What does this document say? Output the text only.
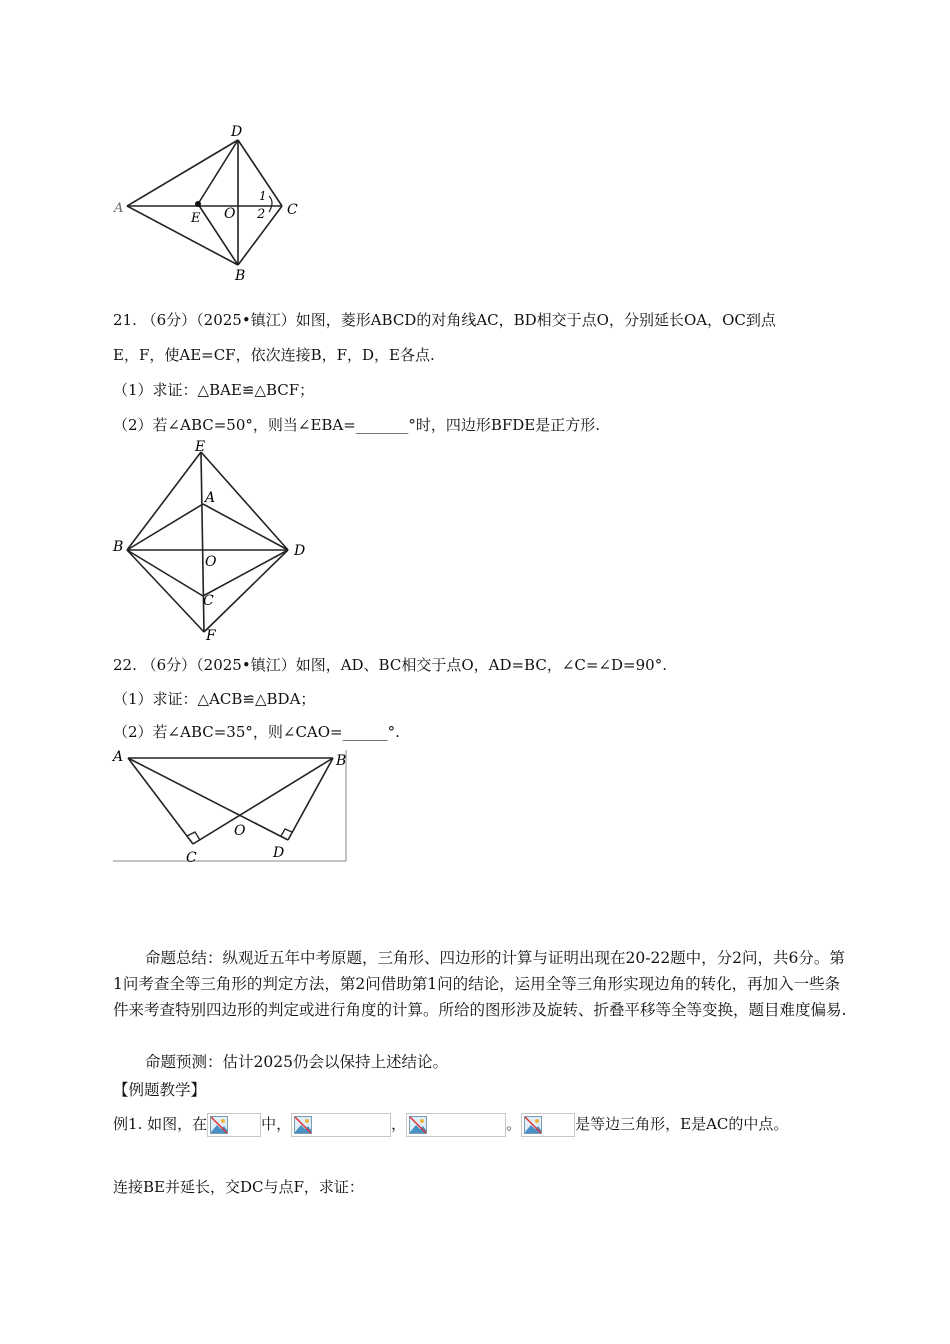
D
A
E O
1
2 C
B
21. （6分）（2025•镇江）如图，菱形ABCD的对角线AC，BD相交于点O，分别延长OA，OC到点
E，F，使AE=CF，依次连接B，F，D，E各点.
（1）求证：△BAE≌△BCF；
（2）若∠ABC=50°，则当∠EBA=_______°时，四边形BFDE是正方形.
E
A
B
O
D
C
F
22. （6分）（2025•镇江）如图，AD、BC相交于点O，AD=BC，∠C=∠D=90°.
（1）求证：△ACB≌△BDA；
（2）若∠ABC=35°，则∠CAO=______°.
A	B
O
C	D
命题总结：纵观近五年中考原题，三角形、四边形的计算与证明出现在20-22题中，分2问，共6分。第1问考查全等三角形的判定方法，第2问借助第1问的结论，运用全等三角形实现边角的转化，再加入一些条件来考查特别四边形的判定或进行角度的计算。所给的图形涉及旋转、折叠平移等全等变换，题目难度偏易.
命题预测：估计2025仍会以保持上述结论。
【例题教学】
例1. 如图，在	中，	，	。	是等边三角形，E是AC的中点。
连接BE并延长，交DC与点F，求证：
